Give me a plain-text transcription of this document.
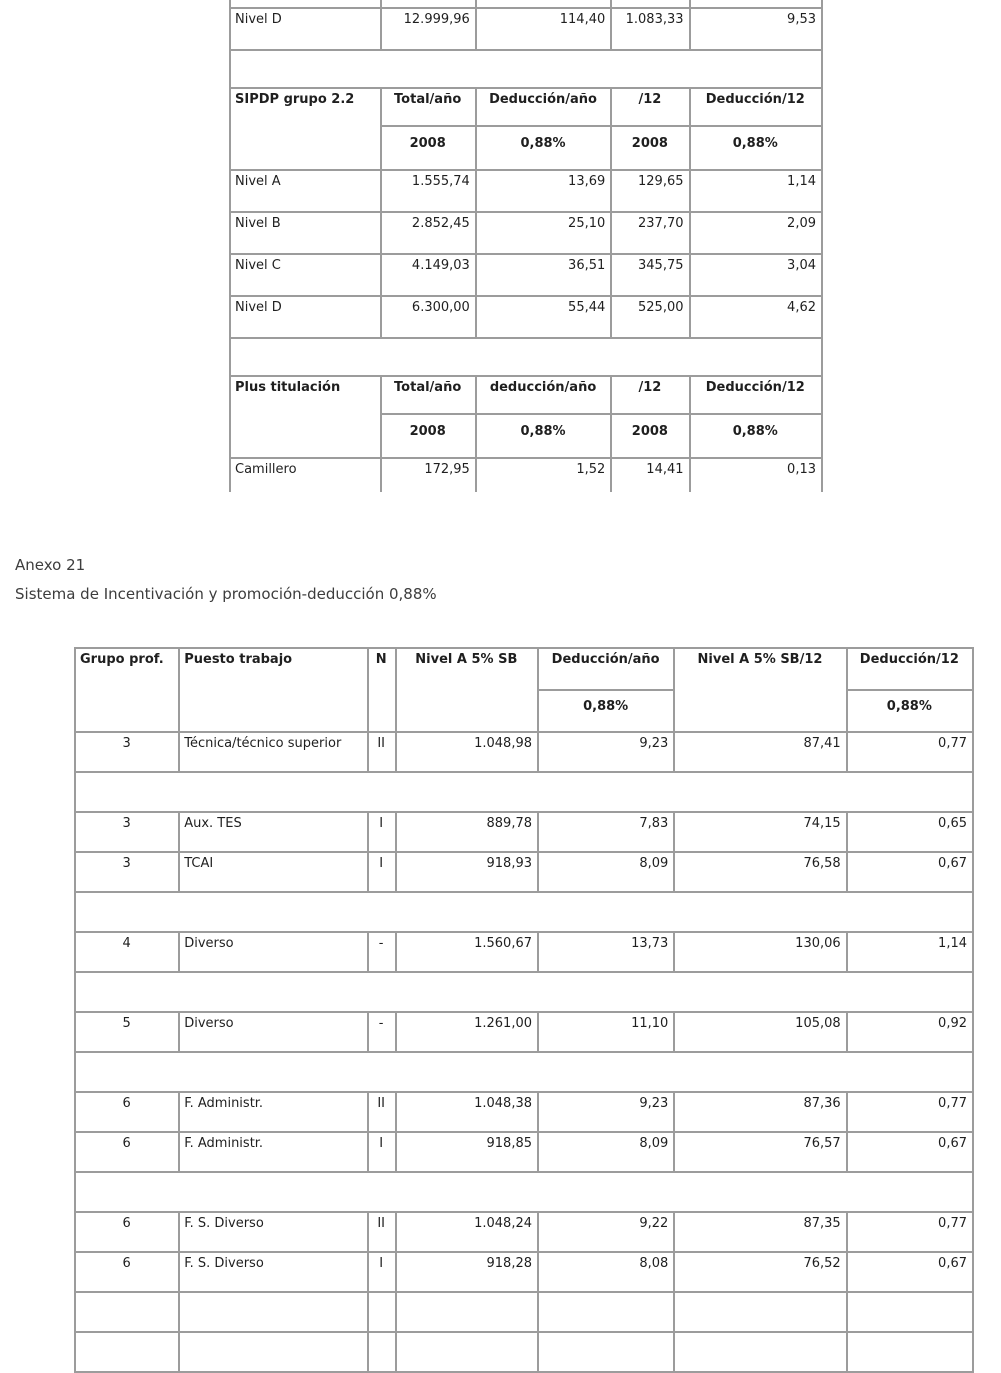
Nivel D	12.999,96	114,40	1.083,33	9,53

SIPDP grupo 2.2	Total/año	Deducción/año	/12	Deducción/12
	2008	0,88%	2008	0,88%
Nivel A	1.555,74	13,69	129,65	1,14
Nivel B	2.852,45	25,10	237,70	2,09
Nivel C	4.149,03	36,51	345,75	3,04
Nivel D	6.300,00	55,44	525,00	4,62

Plus titulación	Total/año	deducción/año	/12	Deducción/12
	2008	0,88%	2008	0,88%
Camillero	172,95	1,52	14,41	0,13
Anexo 21
Sistema de Incentivación y promoción-deducción 0,88%
Grupo prof.	Puesto trabajo	N	Nivel A 5% SB	Deducción/año	Nivel A 5% SB/12	Deducción/12
				0,88%		0,88%
3	Técnica/técnico superior	II	1.048,98	9,23	87,41	0,77

3	Aux. TES	I	889,78	7,83	74,15	0,65
3	TCAI	I	918,93	8,09	76,58	0,67

4	Diverso	-	1.560,67	13,73	130,06	1,14

5	Diverso	-	1.261,00	11,10	105,08	0,92

6	F. Administr.	II	1.048,38	9,23	87,36	0,77
6	F. Administr.	I	918,85	8,09	76,57	0,67

6	F. S. Diverso	II	1.048,24	9,22	87,35	0,77
6	F. S. Diverso	I	918,28	8,08	76,52	0,67
